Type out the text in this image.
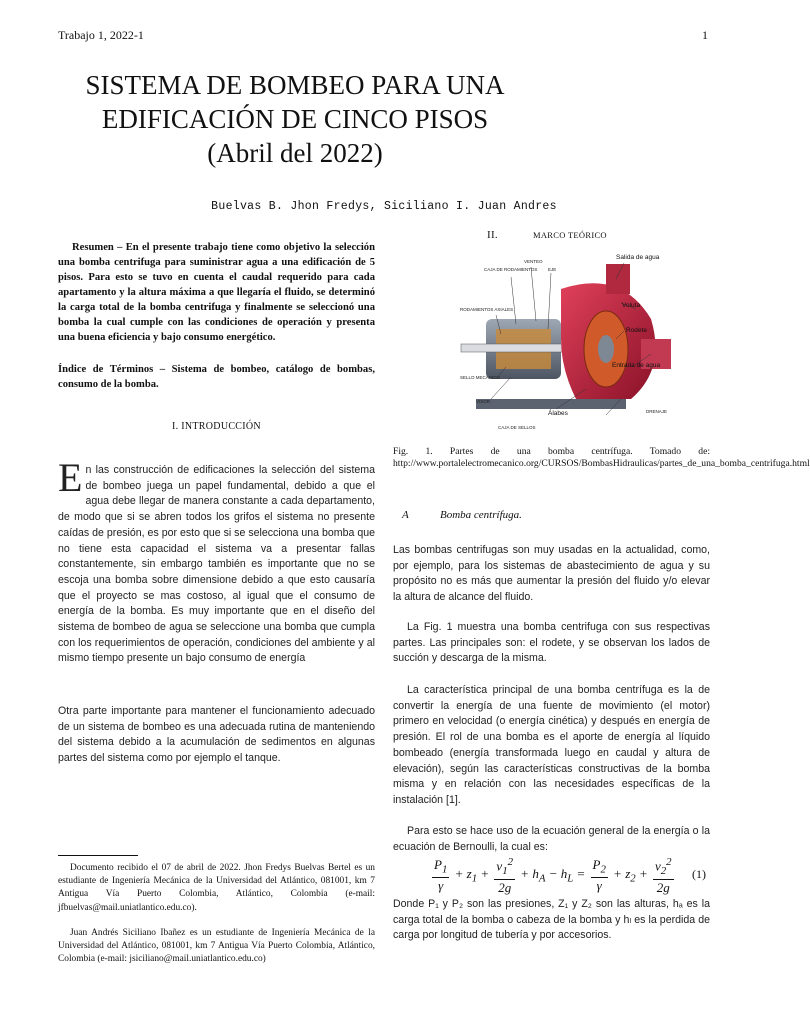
Trabajo 1, 2022-1	1
SISTEMA DE BOMBEO PARA UNA
EDIFICACIÓN DE CINCO PISOS
(Abril del 2022)
Buelvas B. Jhon Fredys, Siciliano I. Juan Andres
Resumen – En el presente trabajo tiene como objetivo la selección una bomba centrifuga para suministrar agua a una edificación de 5 pisos. Para esto se tuvo en cuenta el caudal requerido para cada apartamento y la altura máxima a que llegaría el fluido, se determinó la carga total de la bomba centrifuga y finalmente se seleccionó una bomba la cual cumple con las condiciones de operación y presenta una buena eficiencia y bajo consumo energético.
Índice de Términos – Sistema de bombeo, catálogo de bombas, consumo de la bomba.
I. INTRODUCCIÓN
En las construcción de edificaciones la selección del sistema de bombeo juega un papel fundamental, debido a que el agua debe llegar de manera constante a cada departamento, de modo que si se abren todos los grifos el sistema no presente caídas de presión, es por esto que si se selecciona una bomba que no tiene esta capacidad el sistema va a presentar fallas constantemente, sin embargo también es importante que no se escoja una bomba sobre dimensione debido a que esto causaría que el proyecto se mas costoso, al igual que el consumo de energía de la bomba. Es muy importante que en el diseño del sistema de bombeo de agua se seleccione una bomba que cumpla con los requerimientos de operación, condiciones del ambiente y al mismo tiempo presente un bajo consumo de energía
Otra parte importante para mantener el funcionamiento adecuado de un sistema de bombeo es una adecuada rutina de manteniendo del sistema debido a la acumulación de sedimentos en algunas partes del sistema como por ejemplo el tanque.

Documento recibido el 07 de abril de 2022. Jhon Fredys Buelvas Bertel es un estudiante de Ingeniería Mecánica de la Universidad del Atlántico, 081001, km 7 Antigua Vía Puerto Colombia, Atlántico, Colombia (e-mail: jfbuelvas@mail.uniatlantico.edu.co).

Juan Andrés Siciliano Ibañez es un estudiante de Ingeniería Mecánica de la Universidad del Atlántico, 081001, km 7 Antigua Vía Puerto Colombia, Atlántico, Colombia (e-mail: jsiciliano@mail.uniatlantico.edu.co)

II.	MARCO TEÓRICO
CAJA DE RODAMIENTOS
VENTEO
EJE
RODAMIENTOS AXIALES
SELLO MECANICO
VISOR
CAJA DE SELLOS
DRENAJE
Salida de agua
Voluta
Rodete
Entrada de agua
Álabes
Fig. 1. Partes de una bomba centrífuga. Tomado de: http://www.portalelectromecanico.org/CURSOS/BombasHidraulicas/partes_de_una_bomba_centrifuga.html
A	Bomba centrífuga.
Las bombas centrifugas son muy usadas en la actualidad, como, por ejemplo, para los sistemas de abastecimiento de agua y su propósito no es más que aumentar la presión del fluido y/o elevar la altura de alcance del fluido.
La Fig. 1 muestra una bomba centrifuga con sus respectivas partes. Las principales son: el rodete, y se observan los lados de succión y descarga de la misma.
La característica principal de una bomba centrífuga es la de convertir la energía de una fuente de movimiento (el motor) primero en velocidad (o energía cinética) y después en energía de presión. El rol de una bomba es el aporte de energía al líquido bombeado (energía transformada luego en caudal y altura de elevación), según las características constructivas de la bomba misma y en relación con las necesidades específicas de la instalación [1].
Para esto se hace uso de la ecuación general de la energía o la ecuación de Bernoulli, la cual es:
$\frac{P_1}{\gamma} + z_1 + \frac{v_1^2}{2g} + h_A - h_L = \frac{P_2}{\gamma} + z_2 + \frac{v_2^2}{2g} (1)$
Donde P₁ y P₂ son las presiones, Z₁ y Z₂ son las alturas, hₐ es la carga total de la bomba o cabeza de la bomba y hₗ es la perdida de carga por longitud de tubería y por accesorios.
